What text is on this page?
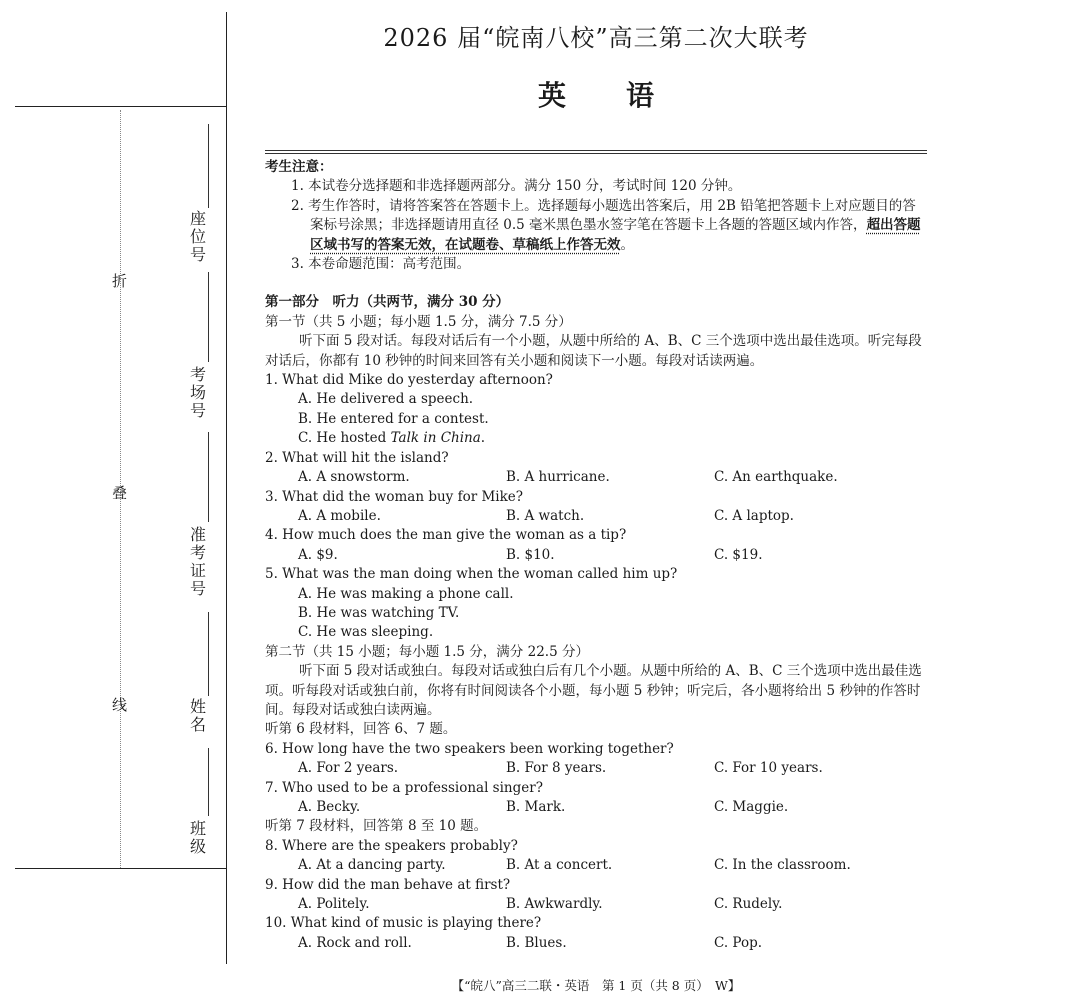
折
叠
线
座
位
号
考
场
号
准
考
证
号
姓
名
班
级
2026 届“皖南八校”高三第二次大联考
英语

考生注意：

1. 本试卷分选择题和非选择题两部分。满分 150 分，考试时间 120 分钟。

2. 考生作答时，请将答案答在答题卡上。选择题每小题选出答案后，用 2B 铅笔把答题卡上对应题目的答案标号涂黑；非选择题请用直径 0.5 毫米黑色墨水签字笔在答题卡上各题的答题区域内作答，超出答题区域书写的答案无效，在试题卷、草稿纸上作答无效。

3. 本卷命题范围：高考范围。

第一部分　听力（共两节，满分 30 分）

第一节（共 5 小题；每小题 1.5 分，满分 7.5 分）

听下面 5 段对话。每段对话后有一个小题，从题中所给的 A、B、C 三个选项中选出最佳选项。听完每段对话后，你都有 10 秒钟的时间来回答有关小题和阅读下一小题。每段对话读两遍。

1. What did Mike do yesterday afternoon?

A. He delivered a speech.

B. He entered for a contest.

C. He hosted Talk in China.

2. What will hit the island?

A. A snowstorm.	B. A hurricane.	C. An earthquake.

3. What did the woman buy for Mike?

A. A mobile.	B. A watch.	C. A laptop.

4. How much does the man give the woman as a tip?

A. $9.	B. $10.	C. $19.

5. What was the man doing when the woman called him up?

A. He was making a phone call.

B. He was watching TV.

C. He was sleeping.

第二节（共 15 小题；每小题 1.5 分，满分 22.5 分）

听下面 5 段对话或独白。每段对话或独白后有几个小题。从题中所给的 A、B、C 三个选项中选出最佳选项。听每段对话或独白前，你将有时间阅读各个小题，每小题 5 秒钟；听完后，各小题将给出 5 秒钟的作答时间。每段对话或独白读两遍。

听第 6 段材料，回答 6、7 题。

6. How long have the two speakers been working together?

A. For 2 years.	B. For 8 years.	C. For 10 years.

7. Who used to be a professional singer?

A. Becky.	B. Mark.	C. Maggie.

听第 7 段材料，回答第 8 至 10 题。

8. Where are the speakers probably?

A. At a dancing party.	B. At a concert.	C. In the classroom.

9. How did the man behave at first?

A. Politely.	B. Awkwardly.	C. Rudely.

10. What kind of music is playing there?

A. Rock and roll.	B. Blues.	C. Pop.
【“皖八”高三二联・英语　第 1 页（共 8 页）　W】
